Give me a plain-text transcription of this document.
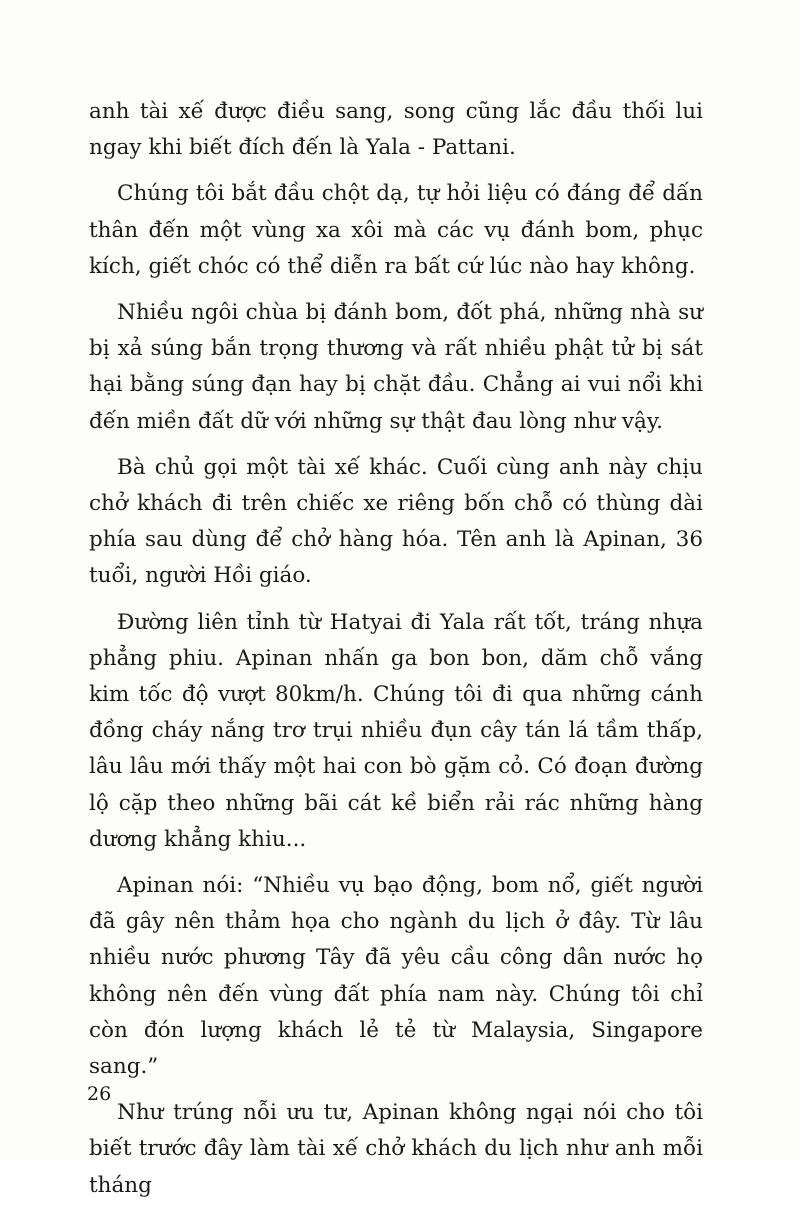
anh tài xế được điều sang, song cũng lắc đầu thối lui ngay khi biết đích đến là Yala - Pattani.

Chúng tôi bắt đầu chột dạ, tự hỏi liệu có đáng để dấn thân đến một vùng xa xôi mà các vụ đánh bom, phục kích, giết chóc có thể diễn ra bất cứ lúc nào hay không.

Nhiều ngôi chùa bị đánh bom, đốt phá, những nhà sư bị xả súng bắn trọng thương và rất nhiều phật tử bị sát hại bằng súng đạn hay bị chặt đầu. Chẳng ai vui nổi khi đến miền đất dữ với những sự thật đau lòng như vậy.

Bà chủ gọi một tài xế khác. Cuối cùng anh này chịu chở khách đi trên chiếc xe riêng bốn chỗ có thùng dài phía sau dùng để chở hàng hóa. Tên anh là Apinan, 36 tuổi, người Hồi giáo.

Đường liên tỉnh từ Hatyai đi Yala rất tốt, tráng nhựa phẳng phiu. Apinan nhấn ga bon bon, dăm chỗ vắng kim tốc độ vượt 80km/h. Chúng tôi đi qua những cánh đồng cháy nắng trơ trụi nhiều đụn cây tán lá tầm thấp, lâu lâu mới thấy một hai con bò gặm cỏ. Có đoạn đường lộ cặp theo những bãi cát kề biển rải rác những hàng dương khẳng khiu...

Apinan nói: “Nhiều vụ bạo động, bom nổ, giết người đã gây nên thảm họa cho ngành du lịch ở đây. Từ lâu nhiều nước phương Tây đã yêu cầu công dân nước họ không nên đến vùng đất phía nam này. Chúng tôi chỉ còn đón lượng khách lẻ tẻ từ Malaysia, Singapore sang.”

Như trúng nỗi ưu tư, Apinan không ngại nói cho tôi biết trước đây làm tài xế chở khách du lịch như anh mỗi tháng

26
